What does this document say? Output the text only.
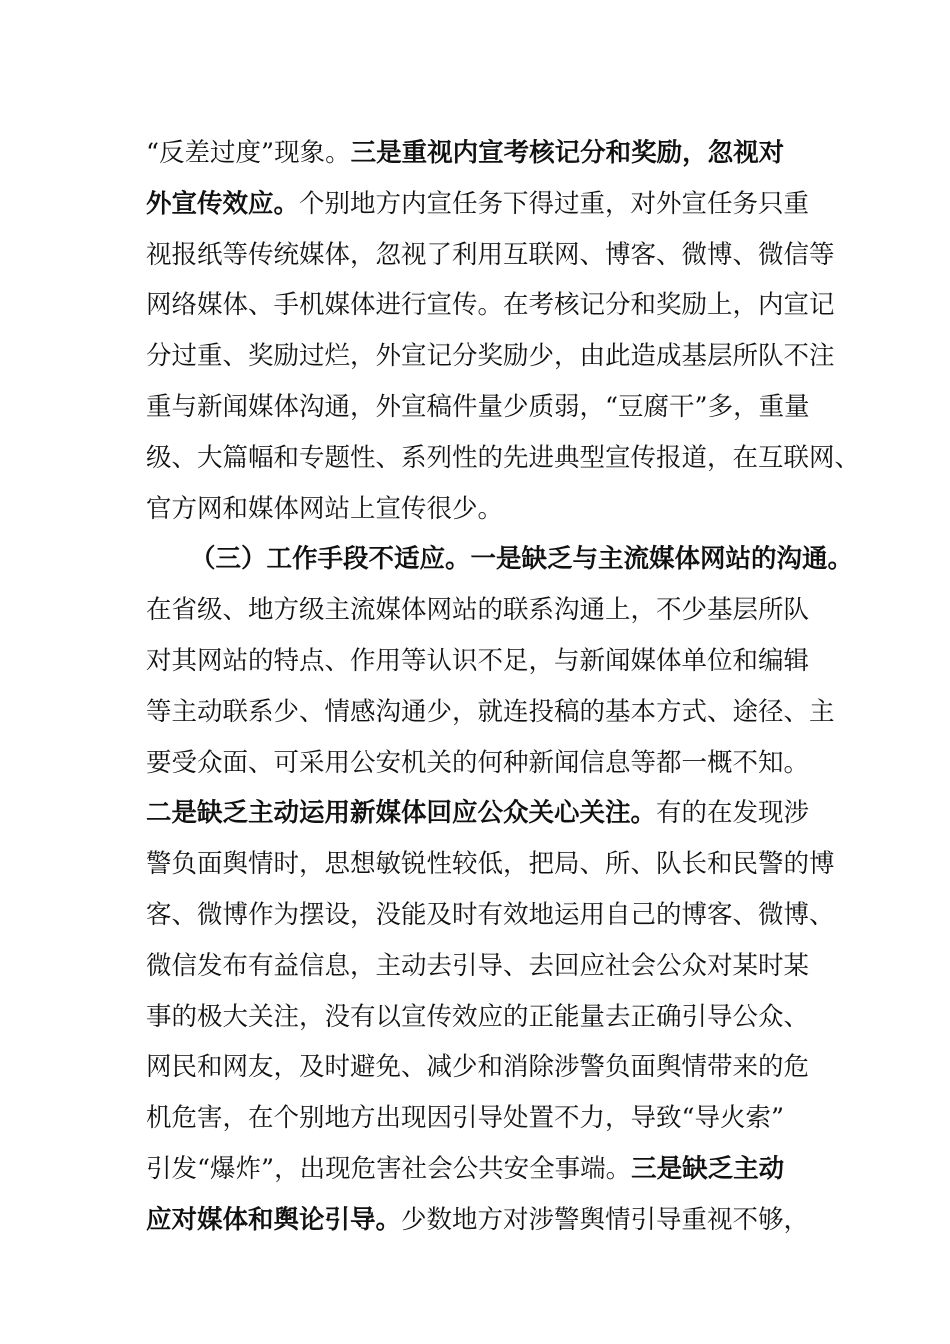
“反差过度”现象。三是重视内宣考核记分和奖励，忽视对
外宣传效应。个别地方内宣任务下得过重，对外宣任务只重
视报纸等传统媒体，忽视了利用互联网、博客、微博、微信等
网络媒体、手机媒体进行宣传。在考核记分和奖励上，内宣记
分过重、奖励过烂，外宣记分奖励少，由此造成基层所队不注
重与新闻媒体沟通，外宣稿件量少质弱，“豆腐干”多，重量
级、大篇幅和专题性、系列性的先进典型宣传报道，在互联网、
官方网和媒体网站上宣传很少。
（三）工作手段不适应。一是缺乏与主流媒体网站的沟通。
在省级、地方级主流媒体网站的联系沟通上，不少基层所队
对其网站的特点、作用等认识不足，与新闻媒体单位和编辑
等主动联系少、情感沟通少，就连投稿的基本方式、途径、主
要受众面、可采用公安机关的何种新闻信息等都一概不知。
二是缺乏主动运用新媒体回应公众关心关注。有的在发现涉
警负面舆情时，思想敏锐性较低，把局、所、队长和民警的博
客、微博作为摆设，没能及时有效地运用自己的博客、微博、
微信发布有益信息，主动去引导、去回应社会公众对某时某
事的极大关注，没有以宣传效应的正能量去正确引导公众、
网民和网友，及时避免、减少和消除涉警负面舆情带来的危
机危害，在个别地方出现因引导处置不力，导致“导火索”
引发“爆炸”，出现危害社会公共安全事端。三是缺乏主动
应对媒体和舆论引导。少数地方对涉警舆情引导重视不够，
